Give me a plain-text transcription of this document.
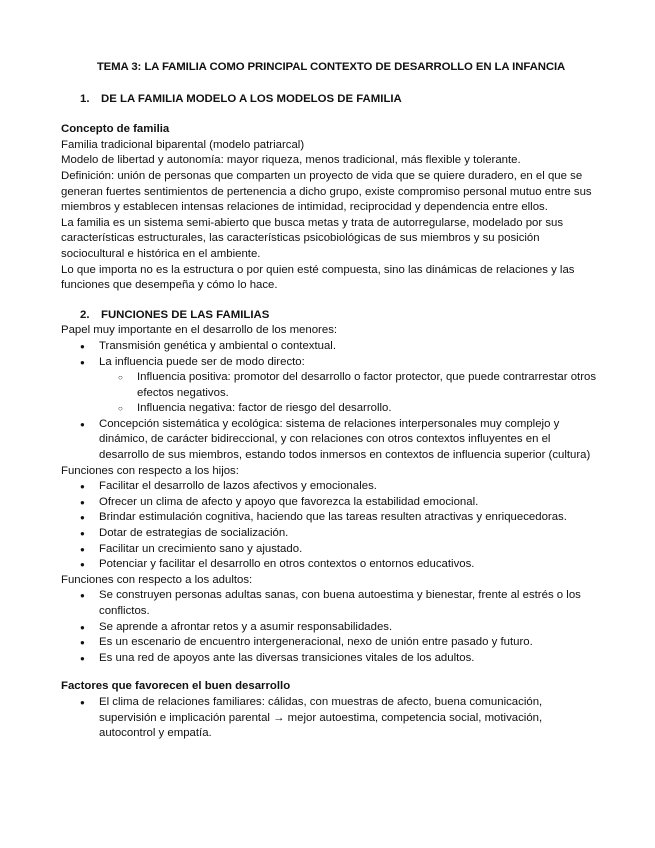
TEMA 3: LA FAMILIA COMO PRINCIPAL CONTEXTO DE DESARROLLO EN LA INFANCIA
1.	DE LA FAMILIA MODELO A LOS MODELOS DE FAMILIA
Concepto de familia

Familia tradicional biparental (modelo patriarcal)

Modelo de libertad y autonomía: mayor riqueza, menos tradicional, más flexible y tolerante.

Definición: unión de personas que comparten un proyecto de vida que se quiere duradero, en el que se generan fuertes sentimientos de pertenencia a dicho grupo, existe compromiso personal mutuo entre sus miembros y establecen intensas relaciones de intimidad, reciprocidad y dependencia entre ellos.

La familia es un sistema semi-abierto que busca metas y trata de autorregularse, modelado por sus características estructurales, las características psicobiológicas de sus miembros y su posición sociocultural e histórica en el ambiente.

Lo que importa no es la estructura o por quien esté compuesta, sino las dinámicas de relaciones y las funciones que desempeña y cómo lo hace.

2.	FUNCIONES DE LAS FAMILIAS

Papel muy importante en el desarrollo de los menores:

● Transmisión genética y ambiental o contextual.
● La influencia puede ser de modo directo:
○ Influencia positiva: promotor del desarrollo o factor protector, que puede contrarrestar otros efectos negativos.
○ Influencia negativa: factor de riesgo del desarrollo.
● Concepción sistemática y ecológica: sistema de relaciones interpersonales muy complejo y dinámico, de carácter bidireccional, y con relaciones con otros contextos influyentes en el desarrollo de sus miembros, estando todos inmersos en contextos de influencia superior (cultura)

Funciones con respecto a los hijos:

● Facilitar el desarrollo de lazos afectivos y emocionales.
● Ofrecer un clima de afecto y apoyo que favorezca la estabilidad emocional.
● Brindar estimulación cognitiva, haciendo que las tareas resulten atractivas y enriquecedoras.
● Dotar de estrategias de socialización.
● Facilitar un crecimiento sano y ajustado.
● Potenciar y facilitar el desarrollo en otros contextos o entornos educativos.

Funciones con respecto a los adultos:

● Se construyen personas adultas sanas, con buena autoestima y bienestar, frente al estrés o los conflictos.
● Se aprende a afrontar retos y a asumir responsabilidades.
● Es un escenario de encuentro intergeneracional, nexo de unión entre pasado y futuro.
● Es una red de apoyos ante las diversas transiciones vitales de los adultos.
Factores que favorecen el buen desarrollo
● El clima de relaciones familiares: cálidas, con muestras de afecto, buena comunicación, supervisión e implicación parental → mejor autoestima, competencia social, motivación, autocontrol y empatía.
